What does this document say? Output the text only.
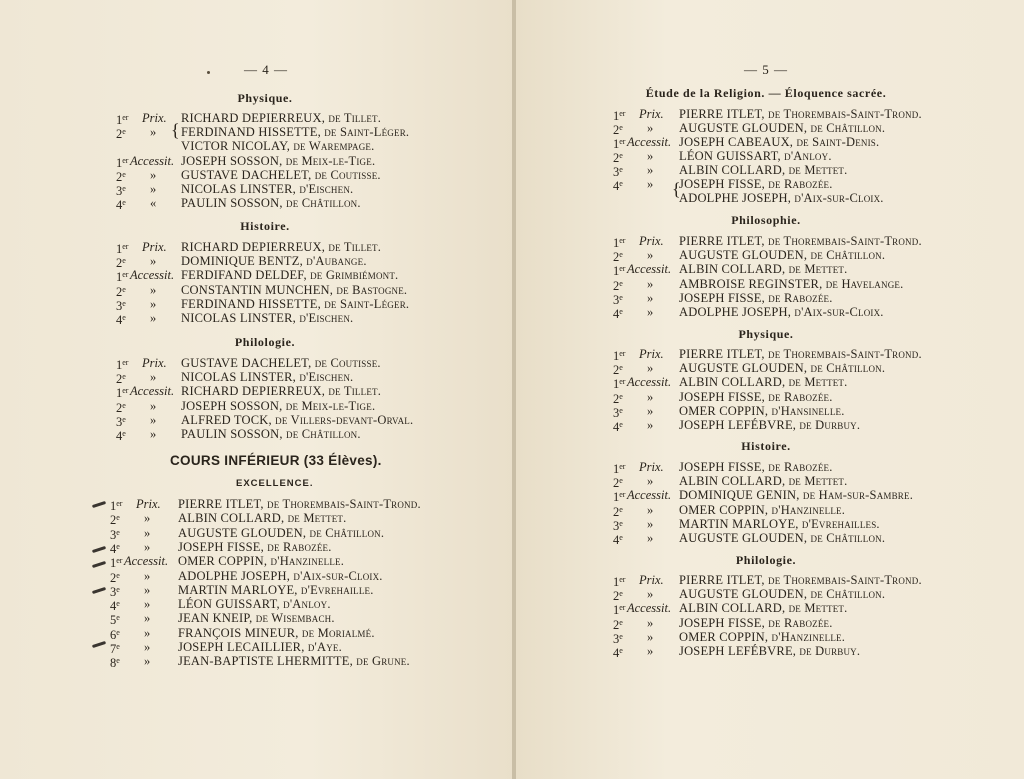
— 4 —
Physique.
{
Histoire.
Philologie.
COURS INFÉRIEUR (33 Élèves).
EXCELLENCE.
1er Prix. RICHARD DEPIERREUX, de Tillet.
2e » FERDINAND HISSETTE, de Saint-Léger.
VICTOR NICOLAY, de Warempage.
1er Accessit. JOSEPH SOSSON, de Meix-le-Tige.
2e » GUSTAVE DACHELET, de Coutisse.
3e » NICOLAS LINSTER, d'Eischen.
4e « PAULIN SOSSON, de Châtillon.
1er Prix. RICHARD DEPIERREUX, de Tillet.
2e » DOMINIQUE BENTZ, d'Aubange.
1er Accessit. FERDIFAND DELDEF, de Grimbiémont.
2e » CONSTANTIN MUNCHEN, de Bastogne.
3e » FERDINAND HISSETTE, de Saint-Léger.
4e » NICOLAS LINSTER, d'Eischen.
1er Prix. GUSTAVE DACHELET, de Coutisse.
2e » NICOLAS LINSTER, d'Eischen.
1er Accessit. RICHARD DEPIERREUX, de Tillet.
2e » JOSEPH SOSSON, de Meix-le-Tige.
3e » ALFRED TOCK, de Villers-devant-Orval.
4e » PAULIN SOSSON, de Châtillon.
1er Prix. PIERRE ITLET, de Thorembais-Saint-Trond.
2e » ALBIN COLLARD, de Mettet.
3e » AUGUSTE GLOUDEN, de Châtillon.
4e » JOSEPH FISSE, de Rabozée.
1er Accessit. OMER COPPIN, d'Hanzinelle.
2e » ADOLPHE JOSEPH, d'Aix-sur-Cloix.
3e » MARTIN MARLOYE, d'Evrehaille.
4e » LÉON GUISSART, d'Anloy.
5e » JEAN KNEIP, de Wisembach.
6e » FRANÇOIS MINEUR, de Morialmé.
7e » JOSEPH LECAILLIER, d'Aye.
8e » JEAN-BAPTISTE LHERMITTE, de Grune.
— 5 —
Étude de la Religion. — Éloquence sacrée.
{
Philosophie.
Physique.
Histoire.
Philologie.
1er Prix. PIERRE ITLET, de Thorembais-Saint-Trond.
2e » AUGUSTE GLOUDEN, de Châtillon.
1er Accessit. JOSEPH CABEAUX, de Saint-Denis.
2e » LÉON GUISSART, d'Anloy.
3e » ALBIN COLLARD, de Mettet.
4e » JOSEPH FISSE, de Rabozée.
ADOLPHE JOSEPH, d'Aix-sur-Cloix.
1er Prix. PIERRE ITLET, de Thorembais-Saint-Trond.
2e » AUGUSTE GLOUDEN, de Châtillon.
1er Accessit. ALBIN COLLARD, de Mettet.
2e » AMBROISE REGINSTER, de Havelange.
3e » JOSEPH FISSE, de Rabozée.
4e » ADOLPHE JOSEPH, d'Aix-sur-Cloix.
1er Prix. PIERRE ITLET, de Thorembais-Saint-Trond.
2e » AUGUSTE GLOUDEN, de Châtillon.
1er Accessit. ALBIN COLLARD, de Mettet.
2e » JOSEPH FISSE, de Rabozée.
3e » OMER COPPIN, d'Hansinelle.
4e » JOSEPH LEFÉBVRE, de Durbuy.
1er Prix. JOSEPH FISSE, de Rabozée.
2e » ALBIN COLLARD, de Mettet.
1er Accessit. DOMINIQUE GENIN, de Ham-sur-Sambre.
2e » OMER COPPIN, d'Hanzinelle.
3e » MARTIN MARLOYE, d'Evrehailles.
4e » AUGUSTE GLOUDEN, de Châtillon.
1er Prix. PIERRE ITLET, de Thorembais-Saint-Trond.
2e » AUGUSTE GLOUDEN, de Châtillon.
1er Accessit. ALBIN COLLARD, de Mettet.
2e » JOSEPH FISSE, de Rabozée.
3e » OMER COPPIN, d'Hanzinelle.
4e » JOSEPH LEFÉBVRE, de Durbuy.
